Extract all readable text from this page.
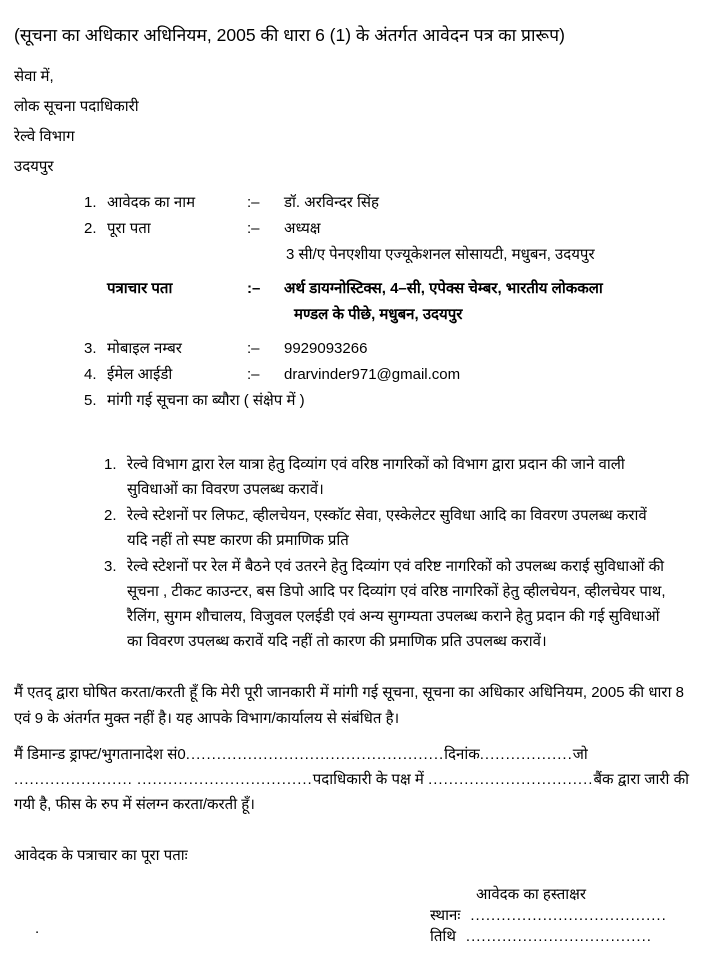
(सूचना का अधिकार अधिनियम, 2005 की धारा 6 (1) के अंतर्गत आवेदन पत्र का प्रारूप)

सेवा में,

लोक सूचना पदाधिकारी

रेल्वे विभाग

उदयपुर

1. आवेदक का नाम	:–	डॉ. अरविन्दर सिंह
2. पूरा पता	:–	अध्यक्ष
3 सी/ए पेनएशीया एज्यूकेशनल सोसायटी, मधुबन, उदयपुर
पत्राचार पता	:–	अर्थ डायग्नोस्टिक्स, 4–सी, एपेक्स चेम्बर, भारतीय लोककला
मण्डल के पीछे, मधुबन, उदयपुर
3. मोबाइल नम्बर	:–	9929093266
4. ईमेल आईडी	:–	drarvinder971@gmail.com
5. मांगी गई सूचना का ब्यौरा ( संक्षेप में )
1. रेल्वे विभाग द्वारा रेल यात्रा हेतु दिव्यांग एवं वरिष्ठ नागरिकों को विभाग द्वारा प्रदान की जाने वाली सुविधाओं का विवरण उपलब्ध करावें।
2. रेल्वे स्टेशनों पर लिफट, व्हीलचेयन, एस्कॉट सेवा, एस्केलेटर सुविधा आदि का विवरण उपलब्ध करावें यदि नहीं तो स्पष्ट कारण की प्रमाणिक प्रति
3. रेल्वे स्टेशनों पर रेल में बैठने एवं उतरने हेतु दिव्यांग एवं वरिष्ट नागरिकों को उपलब्ध कराई सुविधाओं की सूचना , टीकट काउन्टर, बस डिपो आदि पर दिव्यांग एवं वरिष्ठ नागरिकों हेतु व्हीलचेयन, व्हीलचेयर पाथ, रैलिंग, सुगम शौचालय, विजुवल एलईडी एवं अन्य सुगम्यता उपलब्ध कराने हेतु प्रदान की गई सुविधाओं का विवरण उपलब्ध करावें यदि नहीं तो कारण की प्रमाणिक प्रति उपलब्ध करावें।

मैं एतद् द्वारा घोषित करता/करती हूँ कि मेरी पूरी जानकारी में मांगी गई सूचना, सूचना का अधिकार अधिनियम, 2005 की धारा 8 एवं 9 के अंतर्गत मुक्त नहीं है। यह आपके विभाग/कार्यालय से संबंधित है।

मैं डिमान्ड ड्राफ्ट/भुगतानादेश सं0..................................................दिनांक..................जो ....................... ..................................पदाधिकारी के पक्ष में ................................बैंक द्वारा जारी की गयी है, फीस के रुप में संलग्न करता/करती हूँ।

आवेदक के पत्राचार का पूरा पताः

.
आवेदक का हस्ताक्षर
स्थानः ......................................
तिथि ....................................
